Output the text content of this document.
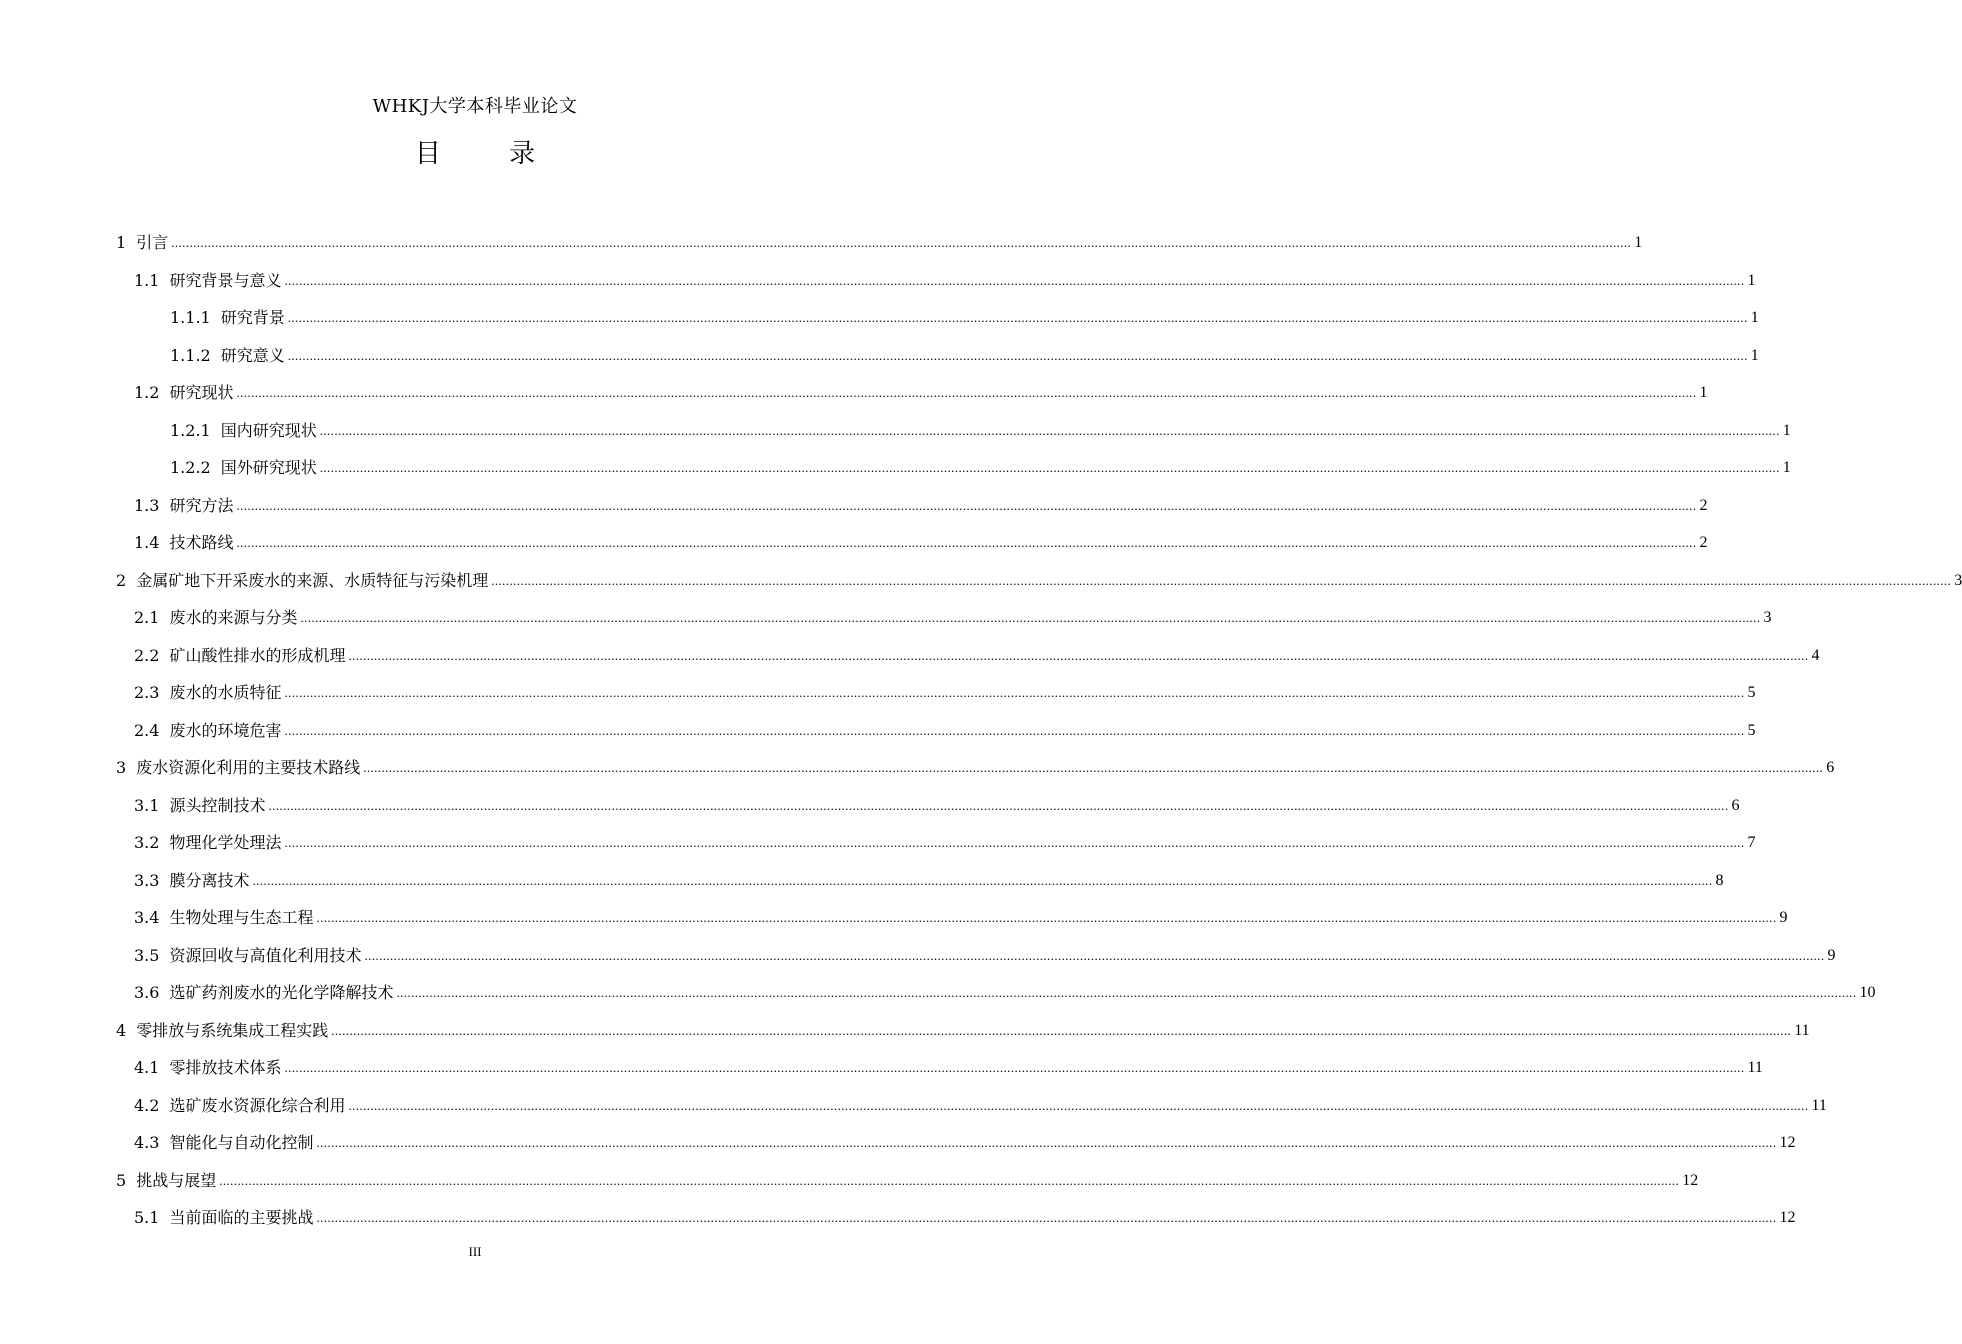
WHKJ大学本科毕业论文
目 录
1 引言 ................................................................................................................................................................................................................................................................................................................................................................................................................ 1
1.1 研究背景与意义 ................................................................................................................................................................................................................................................................................................................................................................................................................ 1
1.1.1 研究背景 ................................................................................................................................................................................................................................................................................................................................................................................................................ 1
1.1.2 研究意义 ................................................................................................................................................................................................................................................................................................................................................................................................................ 1
1.2 研究现状 ................................................................................................................................................................................................................................................................................................................................................................................................................ 1
1.2.1 国内研究现状 ................................................................................................................................................................................................................................................................................................................................................................................................................ 1
1.2.2 国外研究现状 ................................................................................................................................................................................................................................................................................................................................................................................................................ 1
1.3 研究方法 ................................................................................................................................................................................................................................................................................................................................................................................................................ 2
1.4 技术路线 ................................................................................................................................................................................................................................................................................................................................................................................................................ 2
2 金属矿地下开采废水的来源、水质特征与污染机理 ................................................................................................................................................................................................................................................................................................................................................................................................................ 3
2.1 废水的来源与分类 ................................................................................................................................................................................................................................................................................................................................................................................................................ 3
2.2 矿山酸性排水的形成机理 ................................................................................................................................................................................................................................................................................................................................................................................................................ 4
2.3 废水的水质特征 ................................................................................................................................................................................................................................................................................................................................................................................................................ 5
2.4 废水的环境危害 ................................................................................................................................................................................................................................................................................................................................................................................................................ 5
3 废水资源化利用的主要技术路线 ................................................................................................................................................................................................................................................................................................................................................................................................................ 6
3.1 源头控制技术 ................................................................................................................................................................................................................................................................................................................................................................................................................ 6
3.2 物理化学处理法 ................................................................................................................................................................................................................................................................................................................................................................................................................ 7
3.3 膜分离技术 ................................................................................................................................................................................................................................................................................................................................................................................................................ 8
3.4 生物处理与生态工程 ................................................................................................................................................................................................................................................................................................................................................................................................................ 9
3.5 资源回收与高值化利用技术 ................................................................................................................................................................................................................................................................................................................................................................................................................ 9
3.6 选矿药剂废水的光化学降解技术 ................................................................................................................................................................................................................................................................................................................................................................................................................ 10
4 零排放与系统集成工程实践 ................................................................................................................................................................................................................................................................................................................................................................................................................ 11
4.1 零排放技术体系 ................................................................................................................................................................................................................................................................................................................................................................................................................ 11
4.2 选矿废水资源化综合利用 ................................................................................................................................................................................................................................................................................................................................................................................................................ 11
4.3 智能化与自动化控制 ................................................................................................................................................................................................................................................................................................................................................................................................................ 12
5 挑战与展望 ................................................................................................................................................................................................................................................................................................................................................................................................................ 12
5.1 当前面临的主要挑战 ................................................................................................................................................................................................................................................................................................................................................................................................................ 12
III
